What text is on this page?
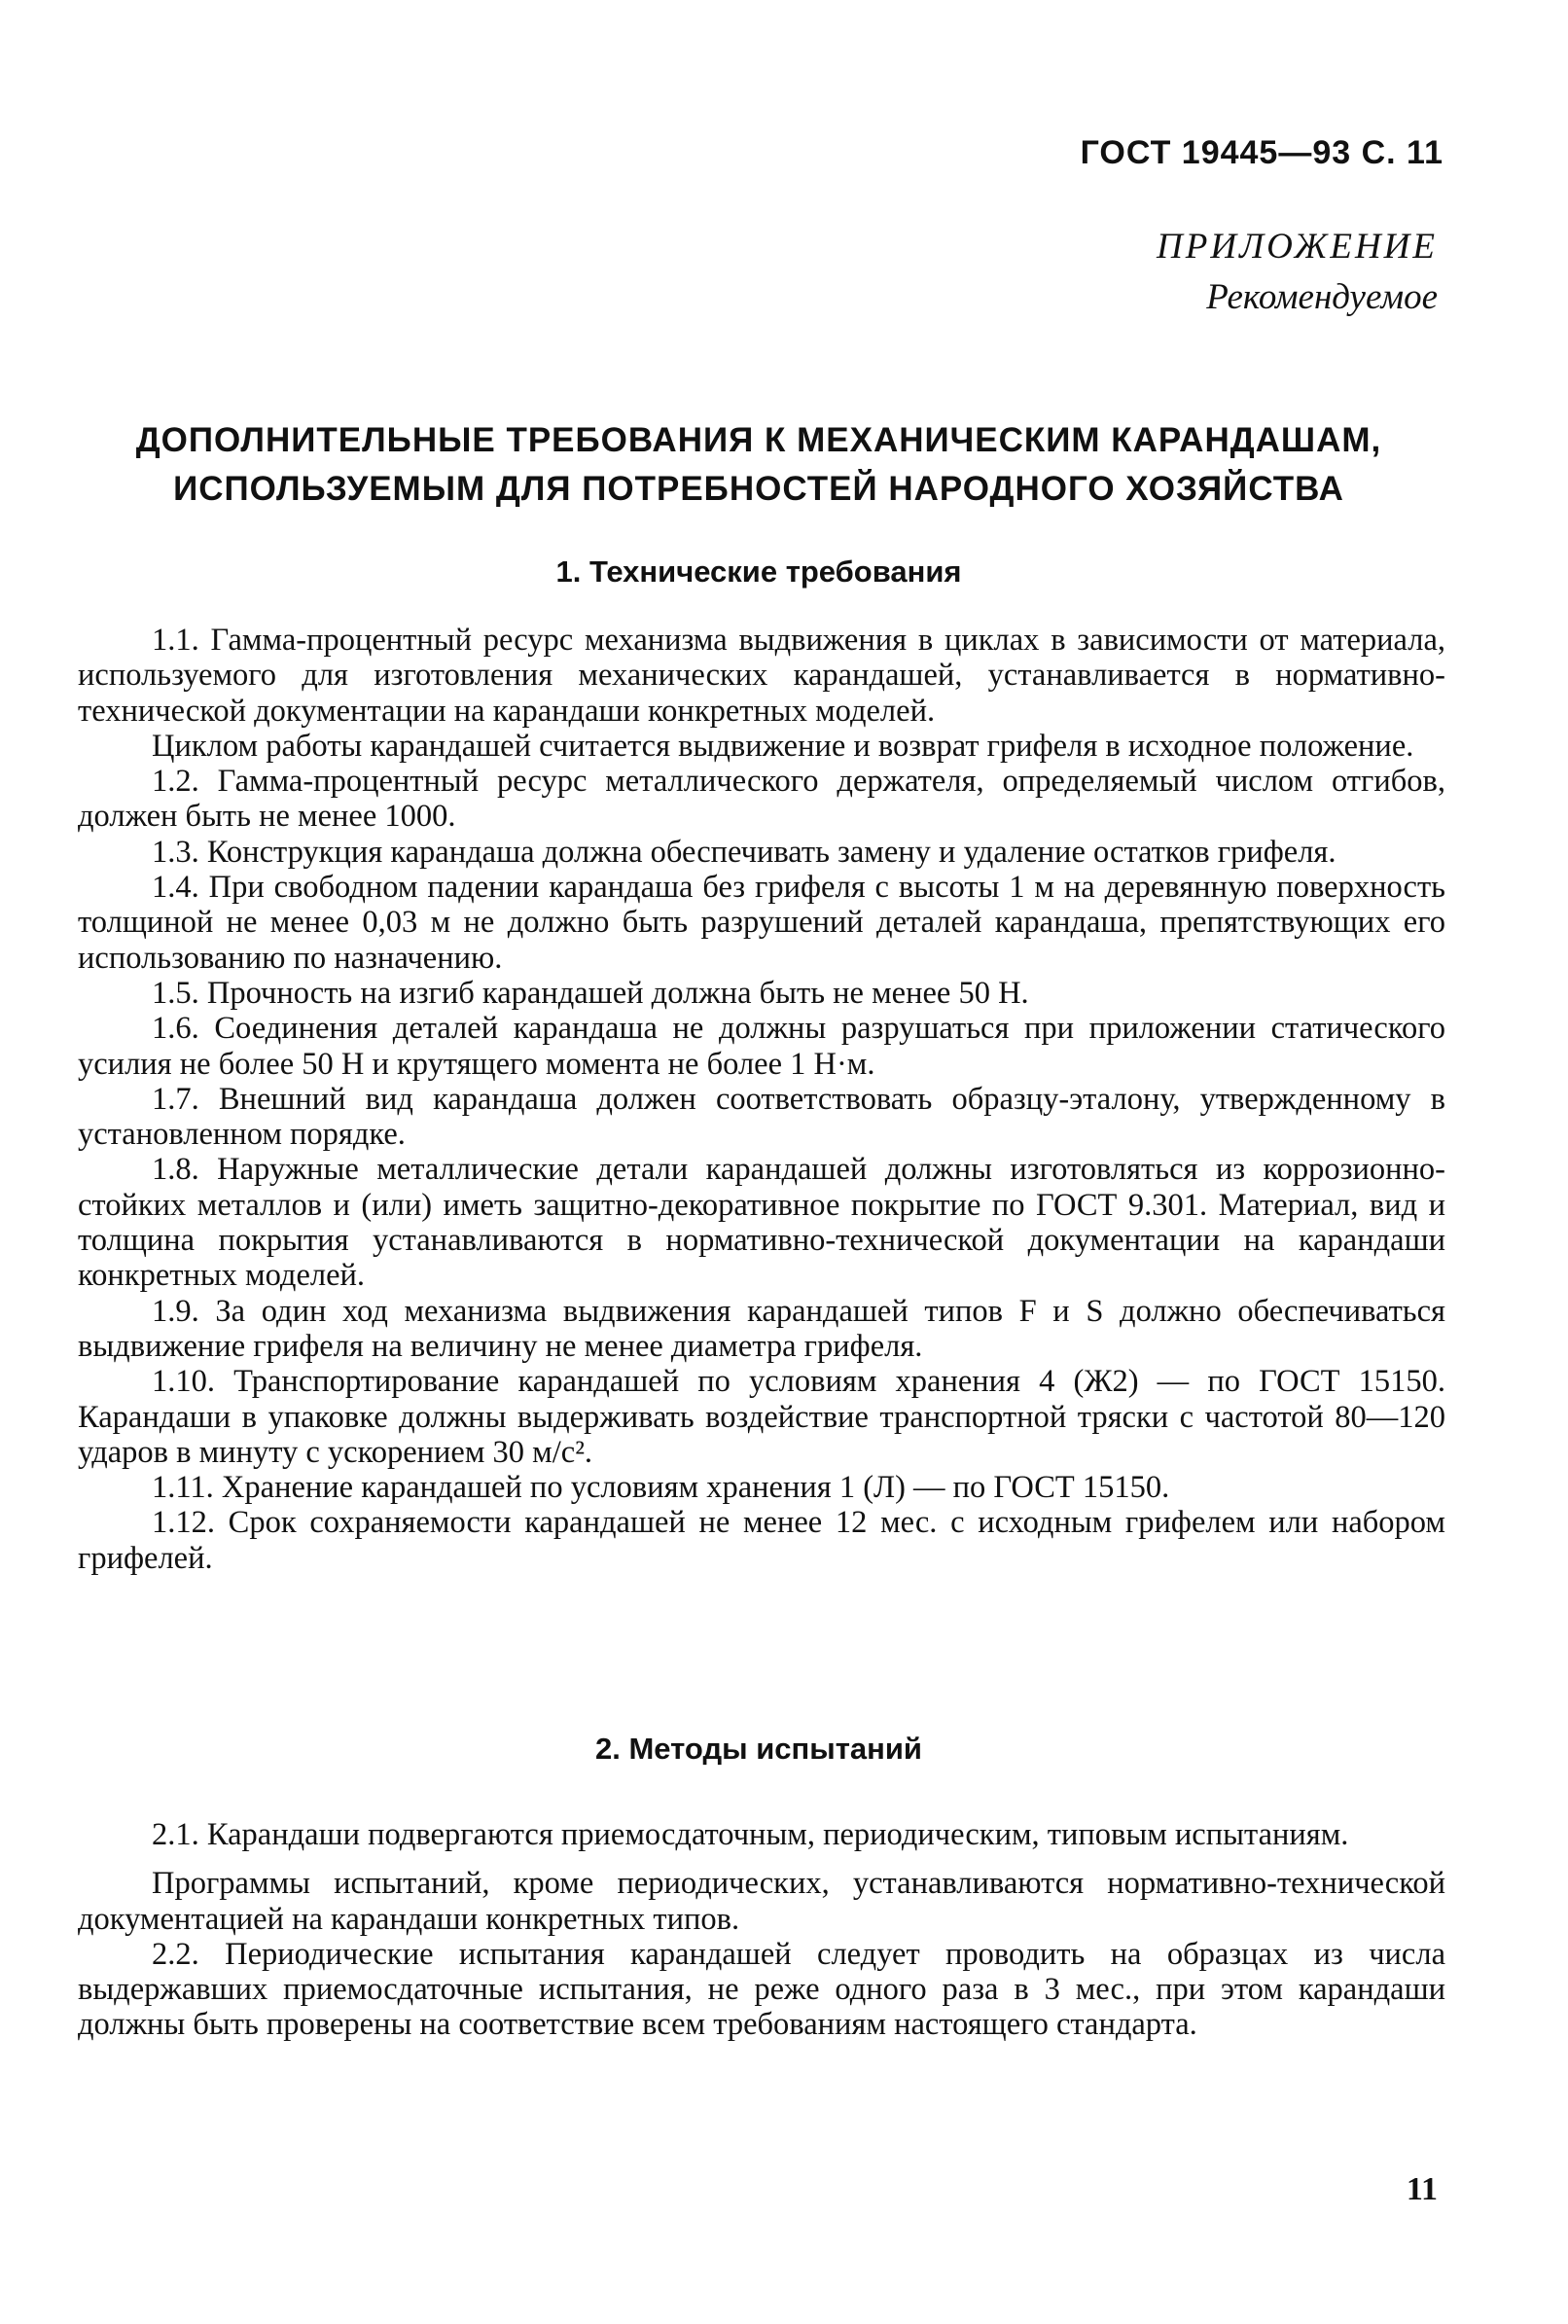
ГОСТ 19445—93 С. 11
ПРИЛОЖЕНИЕ
Рекомендуемое
ДОПОЛНИТЕЛЬНЫЕ ТРЕБОВАНИЯ К МЕХАНИЧЕСКИМ КАРАНДАШАМ,
ИСПОЛЬЗУЕМЫМ ДЛЯ ПОТРЕБНОСТЕЙ НАРОДНОГО ХОЗЯЙСТВА
1. Технические требования

1.1. Гамма-процентный ресурс механизма выдвижения в циклах в зависимости от материала, используемого для изготовления механических карандашей, устанавливается в нормативно-технической документации на карандаши конкретных моделей.

Циклом работы карандашей считается выдвижение и возврат грифеля в исходное положение.

1.2. Гамма-процентный ресурс металлического держателя, определяемый числом отгибов, должен быть не менее 1000.

1.3. Конструкция карандаша должна обеспечивать замену и удаление остатков грифеля.

1.4. При свободном падении карандаша без грифеля с высоты 1 м на деревянную поверхность толщиной не менее 0,03 м не должно быть разрушений деталей карандаша, препятствующих его использованию по назначению.

1.5. Прочность на изгиб карандашей должна быть не менее 50 Н.

1.6. Соединения деталей карандаша не должны разрушаться при приложении статического усилия не более 50 Н и крутящего момента не более 1 Н·м.

1.7. Внешний вид карандаша должен соответствовать образцу-эталону, утвержденному в установленном порядке.

1.8. Наружные металлические детали карандашей должны изготовляться из коррозионно-стойких металлов и (или) иметь защитно-декоративное покрытие по ГОСТ 9.301. Материал, вид и толщина покрытия устанавливаются в нормативно-технической документации на карандаши конкретных моделей.

1.9. За один ход механизма выдвижения карандашей типов F и S должно обеспечиваться выдвижение грифеля на величину не менее диаметра грифеля.

1.10. Транспортирование карандашей по условиям хранения 4 (Ж2) — по ГОСТ 15150. Карандаши в упаковке должны выдерживать воздействие транспортной тряски с частотой 80—120 ударов в минуту с ускорением 30 м/с².

1.11. Хранение карандашей по условиям хранения 1 (Л) — по ГОСТ 15150.

1.12. Срок сохраняемости карандашей не менее 12 мес. с исходным грифелем или набором грифелей.

2. Методы испытаний

2.1. Карандаши подвергаются приемосдаточным, периодическим, типовым испытаниям.

Программы испытаний, кроме периодических, устанавливаются нормативно-технической документацией на карандаши конкретных типов.

2.2. Периодические испытания карандашей следует проводить на образцах из числа выдержавших приемосдаточные испытания, не реже одного раза в 3 мес., при этом карандаши должны быть проверены на соответствие всем требованиям настоящего стандарта.

11
